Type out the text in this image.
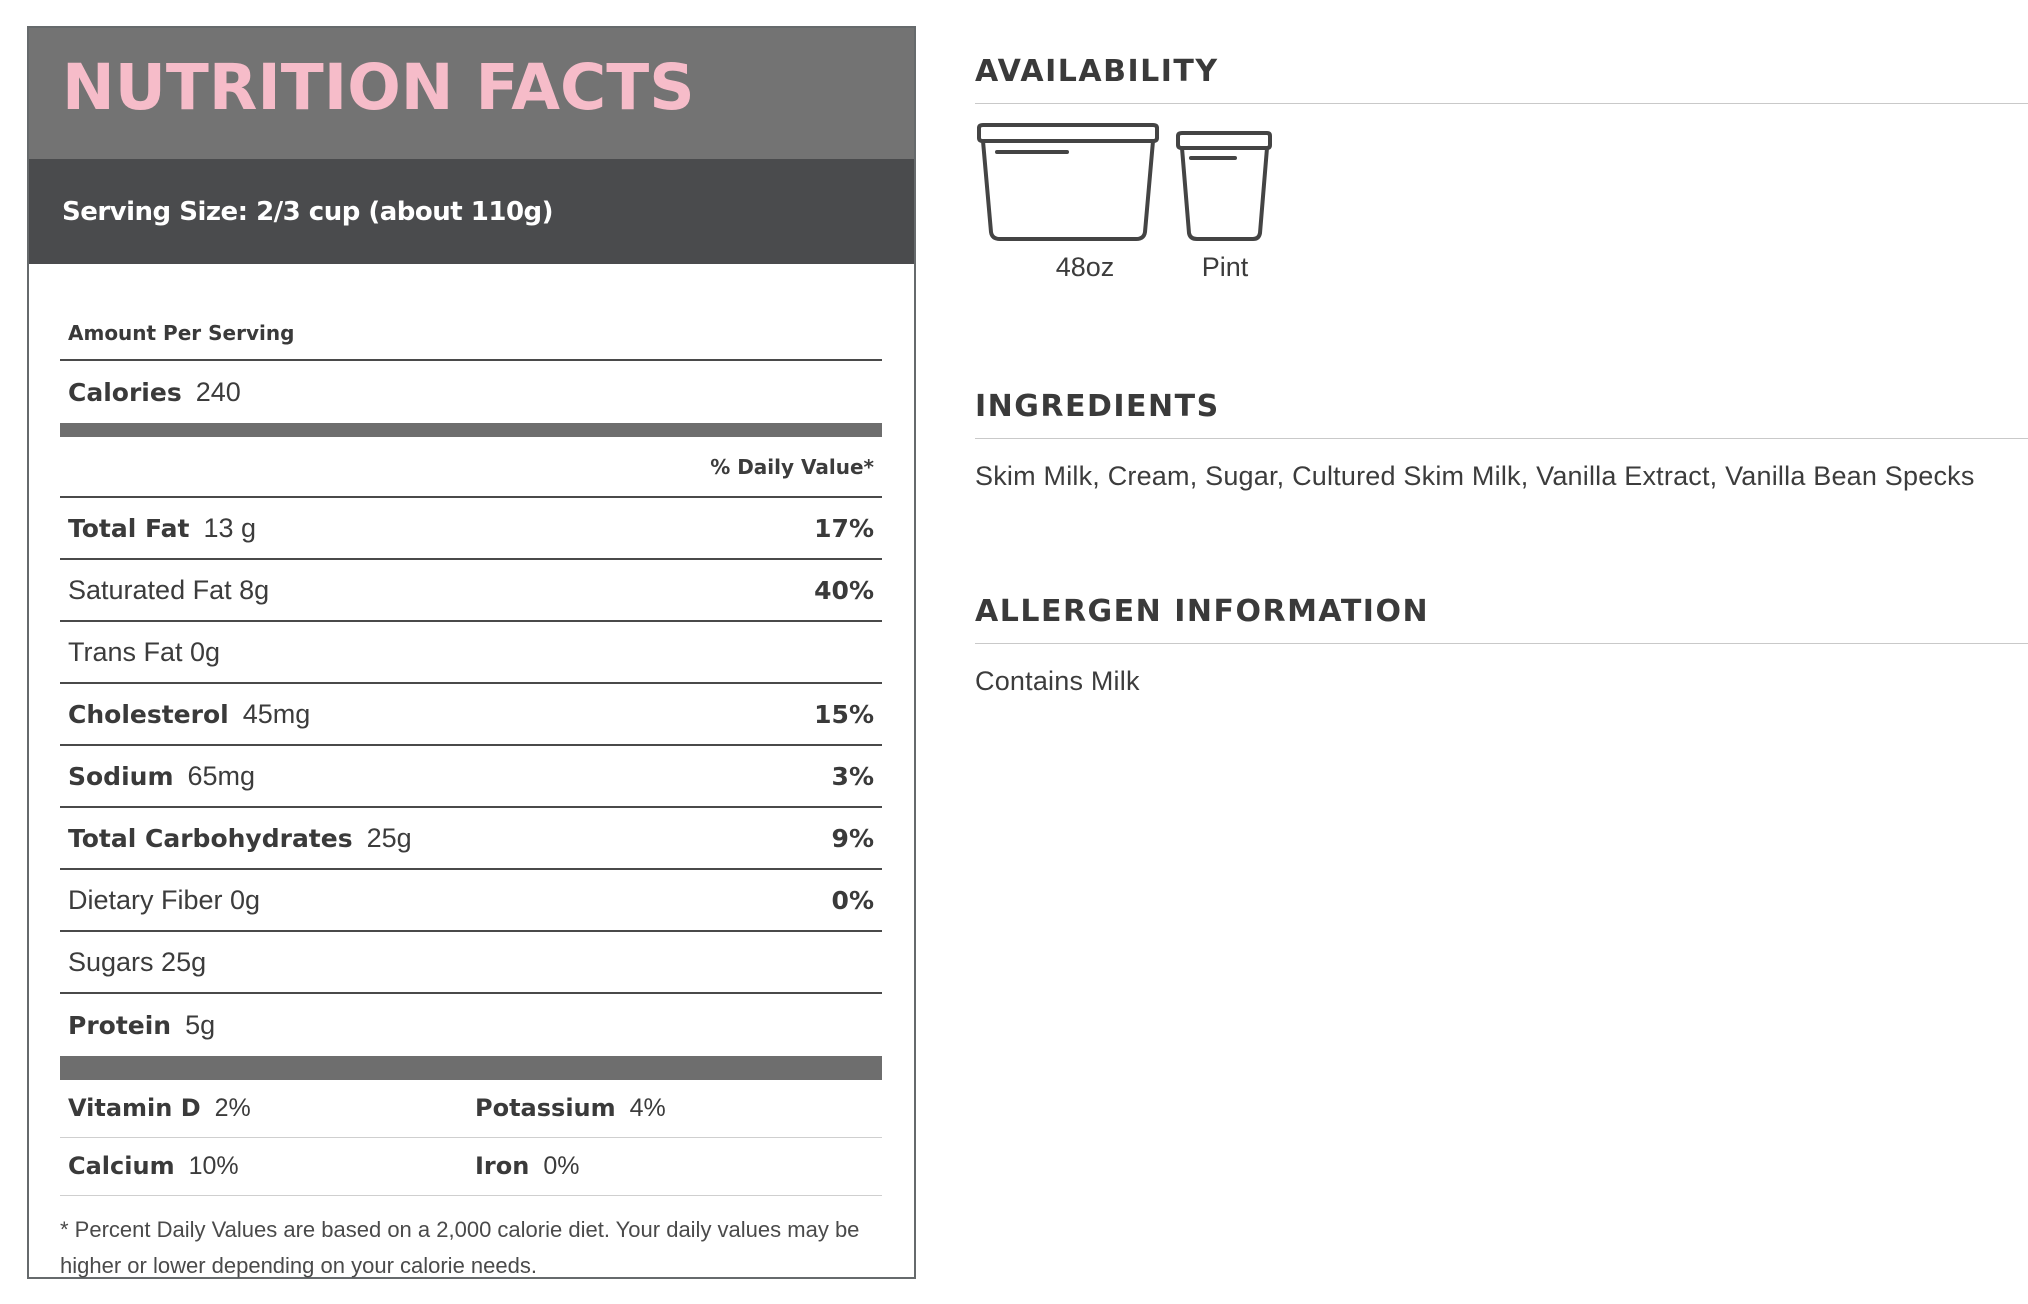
NUTRITION FACTS
Serving Size: 2/3 cup (about 110g)
Amount Per Serving
Calories 240
% Daily Value*
Total Fat 13 g	17%
Saturated Fat 8g	40%
Trans Fat 0g
Cholesterol 45mg	15%
Sodium 65mg	3%
Total Carbohydrates 25g	9%
Dietary Fiber 0g	0%
Sugars 25g
Protein 5g
Vitamin D 2%	Potassium 4%
Calcium 10%	Iron 0%
* Percent Daily Values are based on a 2,000 calorie diet. Your daily values may be higher or lower depending on your calorie needs.
AVAILABILITY
48oz	Pint
INGREDIENTS
Skim Milk, Cream, Sugar, Cultured Skim Milk, Vanilla Extract, Vanilla Bean Specks
ALLERGEN INFORMATION
Contains Milk
